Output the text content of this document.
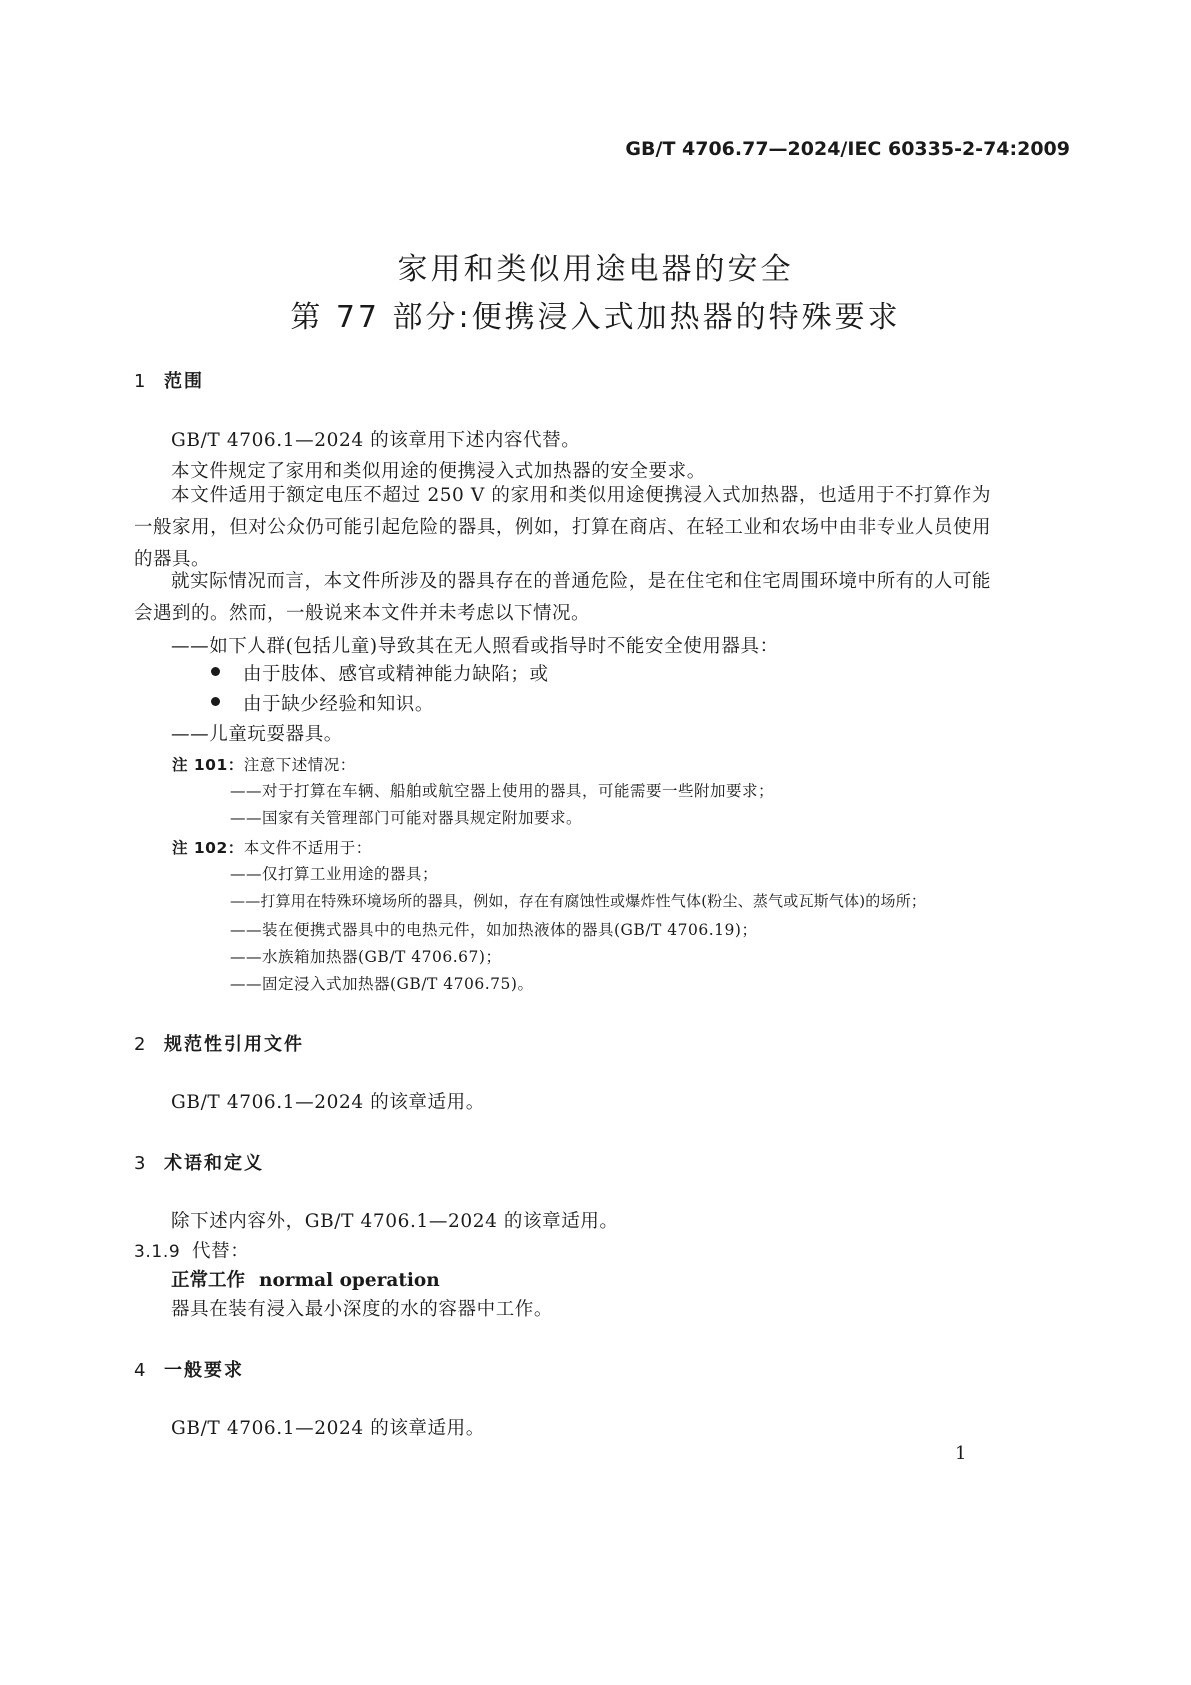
GB/T 4706.77—2024/IEC 60335-2-74:2009
家用和类似用途电器的安全
第 77 部分:便携浸入式加热器的特殊要求
1 范围
GB/T 4706.1—2024 的该章用下述内容代替。
本文件规定了家用和类似用途的便携浸入式加热器的安全要求。
本文件适用于额定电压不超过 250 V 的家用和类似用途便携浸入式加热器，也适用于不打算作为一般家用，但对公众仍可能引起危险的器具，例如，打算在商店、在轻工业和农场中由非专业人员使用的器具。
就实际情况而言，本文件所涉及的器具存在的普通危险，是在住宅和住宅周围环境中所有的人可能会遇到的。然而，一般说来本文件并未考虑以下情况。
——如下人群(包括儿童)导致其在无人照看或指导时不能安全使用器具：
由于肢体、感官或精神能力缺陷；或
由于缺少经验和知识。
——儿童玩耍器具。
注 101：注意下述情况：
——对于打算在车辆、船舶或航空器上使用的器具，可能需要一些附加要求；
——国家有关管理部门可能对器具规定附加要求。
注 102：本文件不适用于：
——仅打算工业用途的器具；
——打算用在特殊环境场所的器具，例如，存在有腐蚀性或爆炸性气体(粉尘、蒸气或瓦斯气体)的场所；
——装在便携式器具中的电热元件，如加热液体的器具(GB/T 4706.19)；
——水族箱加热器(GB/T 4706.67)；
——固定浸入式加热器(GB/T 4706.75)。
2 规范性引用文件
GB/T 4706.1—2024 的该章适用。
3 术语和定义
除下述内容外，GB/T 4706.1—2024 的该章适用。
3.1.9 代替：
正常工作 normal operation
器具在装有浸入最小深度的水的容器中工作。
4 一般要求
GB/T 4706.1—2024 的该章适用。
1
